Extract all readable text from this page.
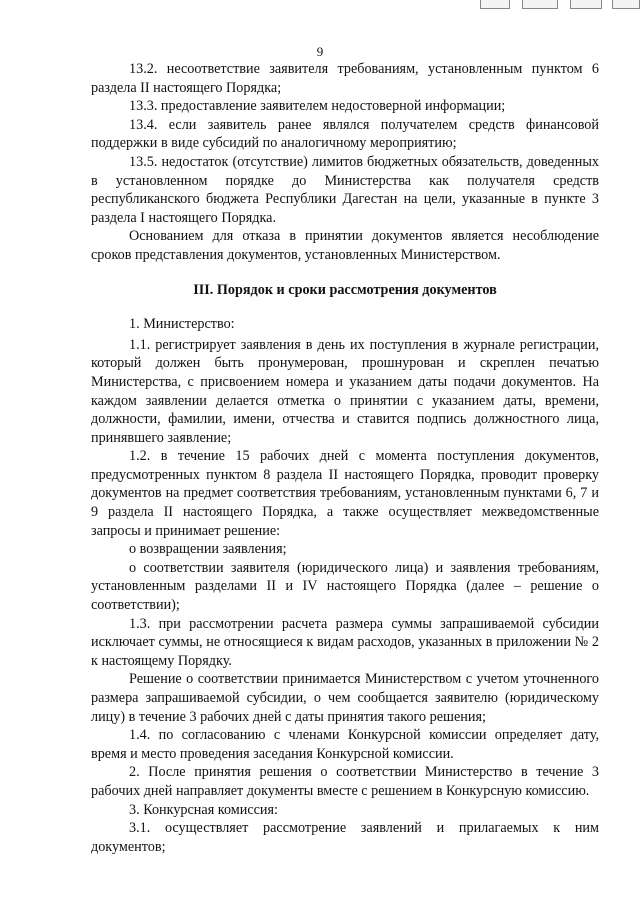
9

13.2. несоответствие заявителя требованиям, установленным пунктом 6 раздела II настоящего Порядка;

13.3. предоставление заявителем недостоверной информации;

13.4. если заявитель ранее являлся получателем средств финансовой поддержки в виде субсидий по аналогичному мероприятию;

13.5. недостаток (отсутствие) лимитов бюджетных обязательств, доведенных в установленном порядке до Министерства как получателя средств республиканского бюджета Республики Дагестан на цели, указанные в пункте 3 раздела I настоящего Порядка.

Основанием для отказа в принятии документов является несоблюдение сроков представления документов, установленных Министерством.

III. Порядок и сроки рассмотрения документов

1. Министерство:

1.1. регистрирует заявления в день их поступления в журнале регистрации, который должен быть пронумерован, прошнурован и скреплен печатью Министерства, с присвоением номера и указанием даты подачи документов. На каждом заявлении делается отметка о принятии с указанием даты, времени, должности, фамилии, имени, отчества и ставится подпись должностного лица, принявшего заявление;

1.2. в течение 15 рабочих дней с момента поступления документов, предусмотренных пунктом 8 раздела II настоящего Порядка, проводит проверку документов на предмет соответствия требованиям, установленным пунктами 6, 7 и 9 раздела II настоящего Порядка, а также осуществляет межведомственные запросы и принимает решение:

о возвращении заявления;

о соответствии заявителя (юридического лица) и заявления требованиям, установленным разделами II и IV настоящего Порядка (далее – решение о соответствии);

1.3. при рассмотрении расчета размера суммы запрашиваемой субсидии исключает суммы, не относящиеся к видам расходов, указанных в приложении № 2 к настоящему Порядку.

Решение о соответствии принимается Министерством с учетом уточненного размера запрашиваемой субсидии, о чем сообщается заявителю (юридическому лицу) в течение 3 рабочих дней с даты принятия такого решения;

1.4. по согласованию с членами Конкурсной комиссии определяет дату, время и место проведения заседания Конкурсной комиссии.

2. После принятия решения о соответствии Министерство в течение 3 рабочих дней направляет документы вместе с решением в Конкурсную комиссию.

3. Конкурсная комиссия:

3.1. осуществляет рассмотрение заявлений и прилагаемых к ним документов;
